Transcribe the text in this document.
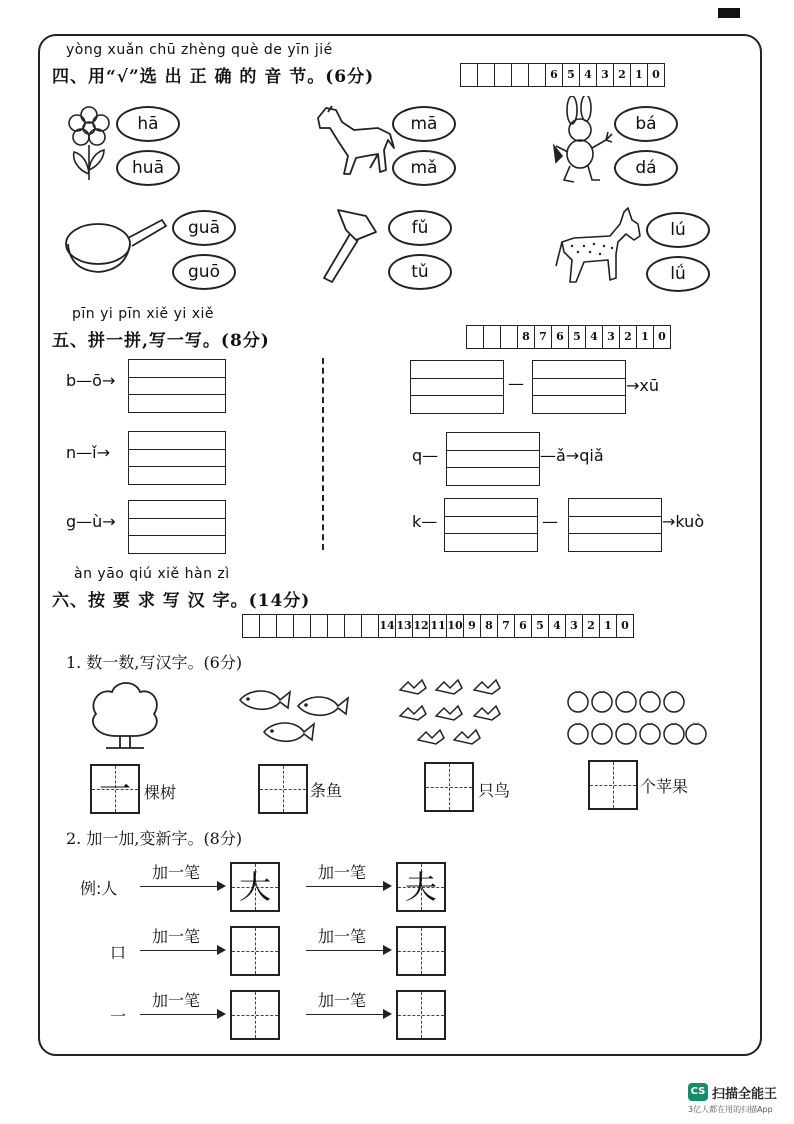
yòng xuǎn chū zhèng què de yīn jié
四、用“√”选 出 正 确 的 音 节。(6分)	6 5 4 3 2 1 0
hā
huā
mā
mǎ
bá
dá
guā
guō
fǔ
tǔ
lú
lǘ
pīn yi pīn xiě yi xiě
五、拼一拼,写一写。(8分)	8 7 6 5 4 3 2 1 0
b—ō→
n—ǐ→
g—ù→
—	→xū
q—	—ǎ→qiǎ
k—	—	→kuò
àn yāo qiú xiě hàn zì
六、按 要 求 写 汉 字。(14分)
14 13 12 11 10 9 8 7 6 5 4 3 2 1 0
1. 数一数,写汉字。(6分)
一 棵树	条鱼	只鸟	个苹果
2. 加一加,变新字。(8分)
例:人
加一笔 大	加一笔 夫
口
加一笔	加一笔
一
加一笔	加一笔
CS 扫描全能王
3亿人都在用的扫描App
